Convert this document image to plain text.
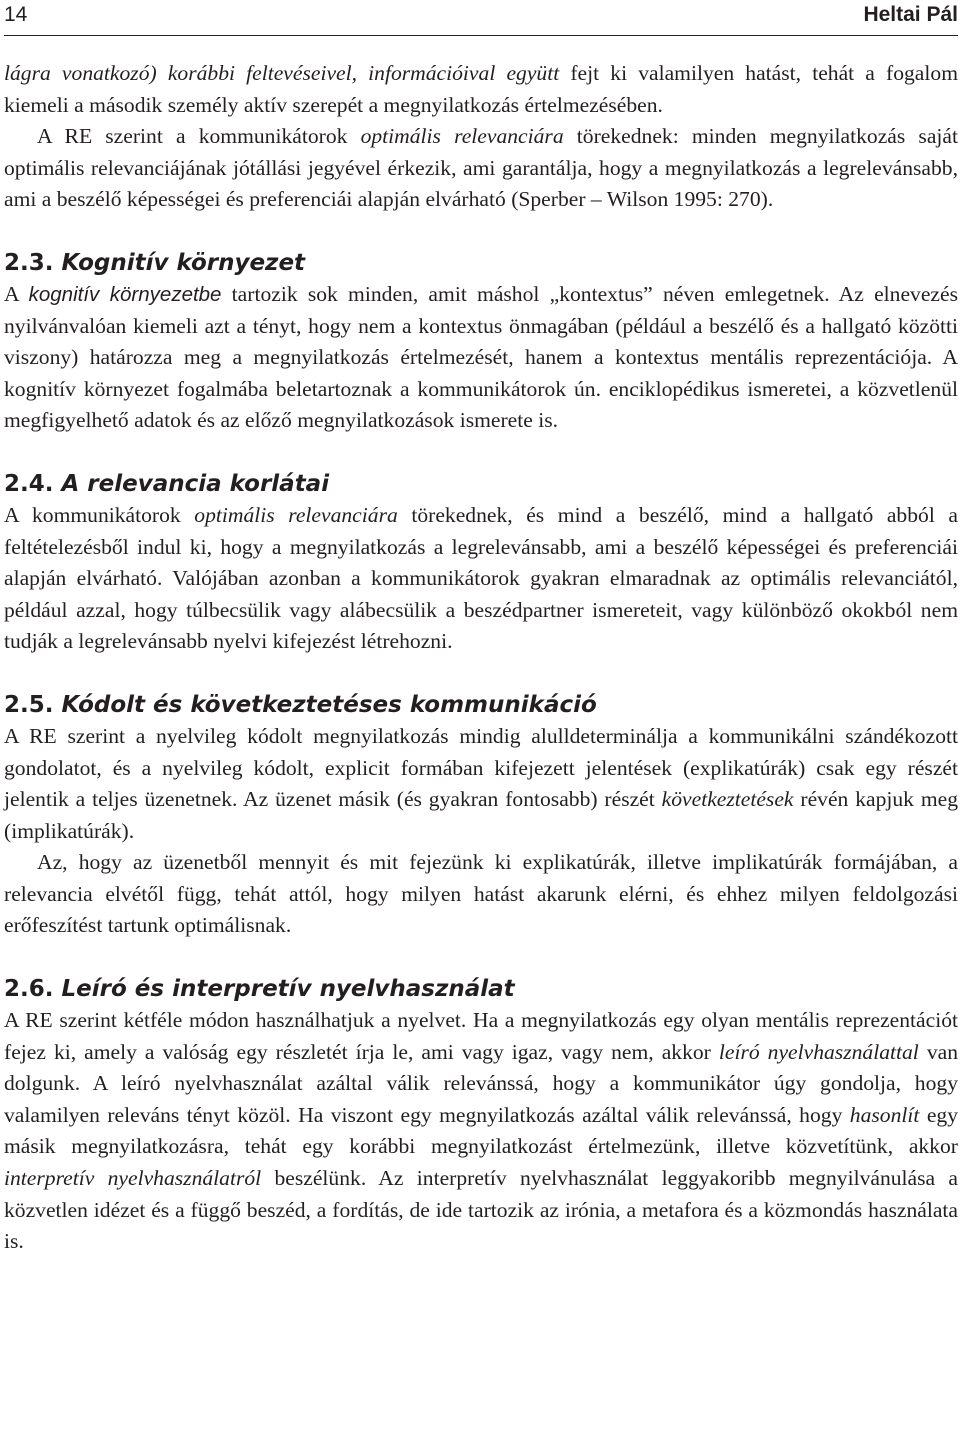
14	Heltai Pál

lágra vonatkozó) korábbi feltevéseivel, információival együtt fejt ki valamilyen hatást, tehát a fogalom kiemeli a második személy aktív szerepét a megnyilatkozás értelmezésében.

A RE szerint a kommunikátorok optimális relevanciára törekednek: minden megnyilatkozás saját optimális relevanciájának jótállási jegyével érkezik, ami garantálja, hogy a megnyilatkozás a legrelevánsabb, ami a beszélő képességei és preferenciái alapján elvárható (Sperber – Wilson 1995: 270).

2.3. Kognitív környezet

A kognitív környezetbe tartozik sok minden, amit máshol „kontextus” néven emlegetnek. Az elnevezés nyilvánvalóan kiemeli azt a tényt, hogy nem a kontextus önmagában (például a beszélő és a hallgató közötti viszony) határozza meg a megnyilatkozás értelmezését, hanem a kontextus mentális reprezentációja. A kognitív környezet fogalmába beletartoznak a kommunikátorok ún. enciklopédikus ismeretei, a közvetlenül megfigyelhető adatok és az előző megnyilatkozások ismerete is.

2.4. A relevancia korlátai

A kommunikátorok optimális relevanciára törekednek, és mind a beszélő, mind a hallgató abból a feltételezésből indul ki, hogy a megnyilatkozás a legrelevánsabb, ami a beszélő képességei és preferenciái alapján elvárható. Valójában azonban a kommunikátorok gyakran elmaradnak az optimális relevanciától, például azzal, hogy túlbecsülik vagy alábecsülik a beszédpartner ismereteit, vagy különböző okokból nem tudják a legrelevánsabb nyelvi kifejezést létrehozni.

2.5. Kódolt és következtetéses kommunikáció

A RE szerint a nyelvileg kódolt megnyilatkozás mindig alulldeterminálja a kommunikálni szándékozott gondolatot, és a nyelvileg kódolt, explicit formában kifejezett jelentések (explikatúrák) csak egy részét jelentik a teljes üzenetnek. Az üzenet másik (és gyakran fontosabb) részét következtetések révén kapjuk meg (implikatúrák).

Az, hogy az üzenetből mennyit és mit fejezünk ki explikatúrák, illetve implikatúrák formájában, a relevancia elvétől függ, tehát attól, hogy milyen hatást akarunk elérni, és ehhez milyen feldolgozási erőfeszítést tartunk optimálisnak.

2.6. Leíró és interpretív nyelvhasználat

A RE szerint kétféle módon használhatjuk a nyelvet. Ha a megnyilatkozás egy olyan mentális reprezentációt fejez ki, amely a valóság egy részletét írja le, ami vagy igaz, vagy nem, akkor leíró nyelvhasználattal van dolgunk. A leíró nyelvhasználat azáltal válik relevánssá, hogy a kommunikátor úgy gondolja, hogy valamilyen releváns tényt közöl. Ha viszont egy megnyilatkozás azáltal válik relevánssá, hogy hasonlít egy másik megnyilatkozásra, tehát egy korábbi megnyilatkozást értelmezünk, illetve közvetítünk, akkor interpretív nyelvhasználatról beszélünk. Az interpretív nyelvhasználat leggyakoribb megnyilvánulása a közvetlen idézet és a függő beszéd, a fordítás, de ide tartozik az irónia, a metafora és a közmondás használata is.
